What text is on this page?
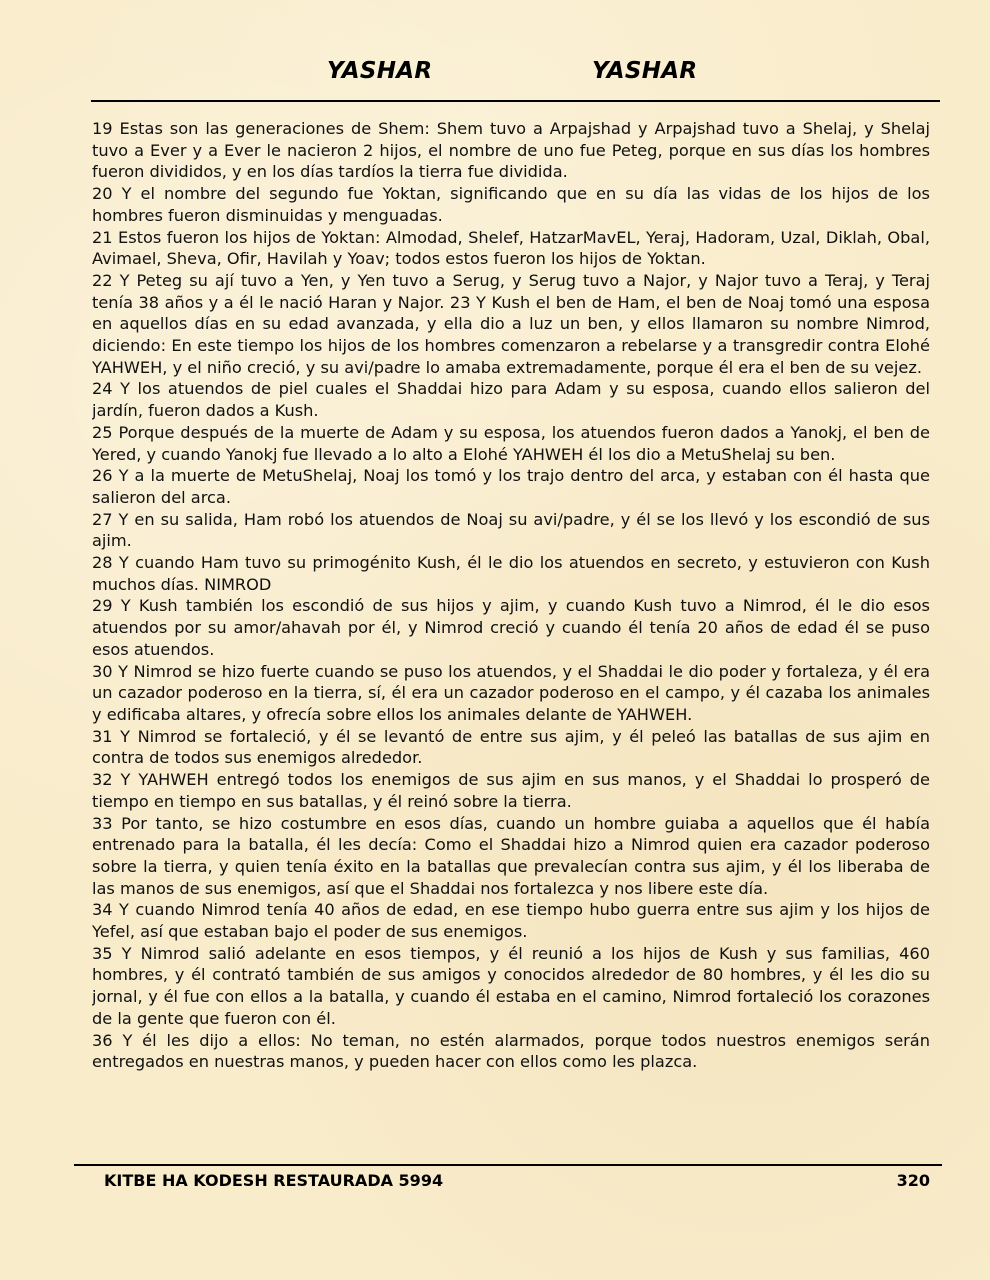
YASHAR	YASHAR

19 Estas son las generaciones de Shem: Shem tuvo a Arpajshad y Arpajshad tuvo a Shelaj, y Shelaj tuvo a Ever y a Ever le nacieron 2 hijos, el nombre de uno fue Peteg, porque en sus días los hombres fueron divididos, y en los días tardíos la tierra fue dividida.

20 Y el nombre del segundo fue Yoktan, significando que en su día las vidas de los hijos de los hombres fueron disminuidas y menguadas.

21 Estos fueron los hijos de Yoktan: Almodad, Shelef, HatzarMavEL, Yeraj, Hadoram, Uzal, Diklah, Obal, Avimael, Sheva, Ofir, Havilah y Yoav; todos estos fueron los hijos de Yoktan.

22 Y Peteg su ají tuvo a Yen, y Yen tuvo a Serug, y Serug tuvo a Najor, y Najor tuvo a Teraj, y Teraj tenía 38 años y a él le nació Haran y Najor. 23 Y Kush el ben de Ham, el ben de Noaj tomó una esposa en aquellos días en su edad avanzada, y ella dio a luz un ben, y ellos llamaron su nombre Nimrod, diciendo: En este tiempo los hijos de los hombres comenzaron a rebelarse y a transgredir contra Elohé YAHWEH, y el niño creció, y su avi/padre lo amaba extremadamente, porque él era el ben de su vejez.

24 Y los atuendos de piel cuales el Shaddai hizo para Adam y su esposa, cuando ellos salieron del jardín, fueron dados a Kush.

25 Porque después de la muerte de Adam y su esposa, los atuendos fueron dados a Yanokj, el ben de Yered, y cuando Yanokj fue llevado a lo alto a Elohé YAHWEH él los dio a MetuShelaj su ben.

26 Y a la muerte de MetuShelaj, Noaj los tomó y los trajo dentro del arca, y estaban con él hasta que salieron del arca.

27 Y en su salida, Ham robó los atuendos de Noaj su avi/padre, y él se los llevó y los escondió de sus ajim.

28 Y cuando Ham tuvo su primogénito Kush, él le dio los atuendos en secreto, y estuvieron con Kush muchos días. NIMROD

29 Y Kush también los escondió de sus hijos y ajim, y cuando Kush tuvo a Nimrod, él le dio esos atuendos por su amor/ahavah por él, y Nimrod creció y cuando él tenía 20 años de edad él se puso esos atuendos.

30 Y Nimrod se hizo fuerte cuando se puso los atuendos, y el Shaddai le dio poder y fortaleza, y él era un cazador poderoso en la tierra, sí, él era un cazador poderoso en el campo, y él cazaba los animales y edificaba altares, y ofrecía sobre ellos los animales delante de YAHWEH.

31 Y Nimrod se fortaleció, y él se levantó de entre sus ajim, y él peleó las batallas de sus ajim en contra de todos sus enemigos alrededor.

32 Y YAHWEH entregó todos los enemigos de sus ajim en sus manos, y el Shaddai lo prosperó de tiempo en tiempo en sus batallas, y él reinó sobre la tierra.

33 Por tanto, se hizo costumbre en esos días, cuando un hombre guiaba a aquellos que él había entrenado para la batalla, él les decía: Como el Shaddai hizo a Nimrod quien era cazador poderoso sobre la tierra, y quien tenía éxito en la batallas que prevalecían contra sus ajim, y él los liberaba de las manos de sus enemigos, así que el Shaddai nos fortalezca y nos libere este día.

34 Y cuando Nimrod tenía 40 años de edad, en ese tiempo hubo guerra entre sus ajim y los hijos de Yefel, así que estaban bajo el poder de sus enemigos.

35 Y Nimrod salió adelante en esos tiempos, y él reunió a los hijos de Kush y sus familias, 460 hombres, y él contrató también de sus amigos y conocidos alrededor de 80 hombres, y él les dio su jornal, y él fue con ellos a la batalla, y cuando él estaba en el camino, Nimrod fortaleció los corazones de la gente que fueron con él.

36 Y él les dijo a ellos: No teman, no estén alarmados, porque todos nuestros enemigos serán entregados en nuestras manos, y pueden hacer con ellos como les plazca.

KITBE HA KODESH RESTAURADA 5994	320
